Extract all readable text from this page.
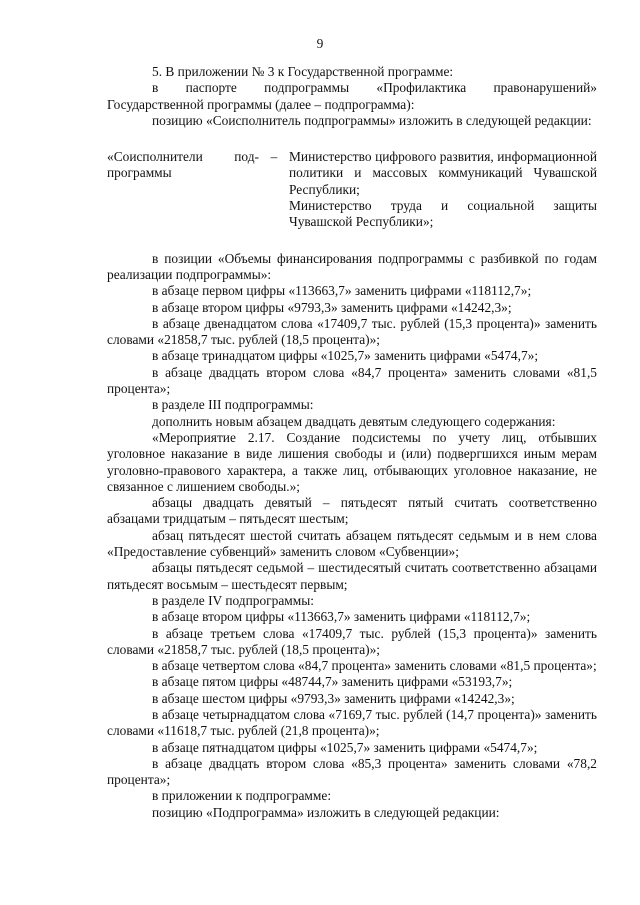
9

5. В приложении № 3 к Государственной программе:

в паспорте подпрограммы «Профилактика правонарушений» Государственной программы (далее – подпрограмма):

позицию «Соисполнитель подпрограммы» изложить в следующей редакции:

«Соисполнители под-
программы
– Министерство цифрового развития, информационной политики и массовых коммуникаций Чувашской Республики;

Министерство труда и социальной защиты Чувашской Республики»;

в позиции «Объемы финансирования подпрограммы с разбивкой по годам реализации подпрограммы»:

в абзаце первом цифры «113663,7» заменить цифрами «118112,7»;

в абзаце втором цифры «9793,3» заменить цифрами «14242,3»;

в абзаце двенадцатом слова «17409,7 тыс. рублей (15,3 процента)» заменить словами «21858,7 тыс. рублей (18,5 процента)»;

в абзаце тринадцатом цифры «1025,7» заменить цифрами «5474,7»;

в абзаце двадцать втором слова «84,7 процента» заменить словами «81,5 процента»;

в разделе III подпрограммы:

дополнить новым абзацем двадцать девятым следующего содержания:

«Мероприятие 2.17. Создание подсистемы по учету лиц, отбывших уголовное наказание в виде лишения свободы и (или) подвергшихся иным мерам уголовно-правового характера, а также лиц, отбывающих уголовное наказание, не связанное с лишением свободы.»;

абзацы двадцать девятый – пятьдесят пятый считать соответственно абзацами тридцатым – пятьдесят шестым;

абзац пятьдесят шестой считать абзацем пятьдесят седьмым и в нем слова «Предоставление субвенций» заменить словом «Субвенции»;

абзацы пятьдесят седьмой – шестидесятый считать соответственно абзацами пятьдесят восьмым – шестьдесят первым;

в разделе IV подпрограммы:

в абзаце втором цифры «113663,7» заменить цифрами «118112,7»;

в абзаце третьем слова «17409,7 тыс. рублей (15,3 процента)» заменить словами «21858,7 тыс. рублей (18,5 процента)»;

в абзаце четвертом слова «84,7 процента» заменить словами «81,5 процента»;

в абзаце пятом цифры «48744,7» заменить цифрами «53193,7»;

в абзаце шестом цифры «9793,3» заменить цифрами «14242,3»;

в абзаце четырнадцатом слова «7169,7 тыс. рублей (14,7 процента)» заменить словами «11618,7 тыс. рублей (21,8 процента)»;

в абзаце пятнадцатом цифры «1025,7» заменить цифрами «5474,7»;

в абзаце двадцать втором слова «85,3 процента» заменить словами «78,2 процента»;

в приложении к подпрограмме:

позицию «Подпрограмма» изложить в следующей редакции:
